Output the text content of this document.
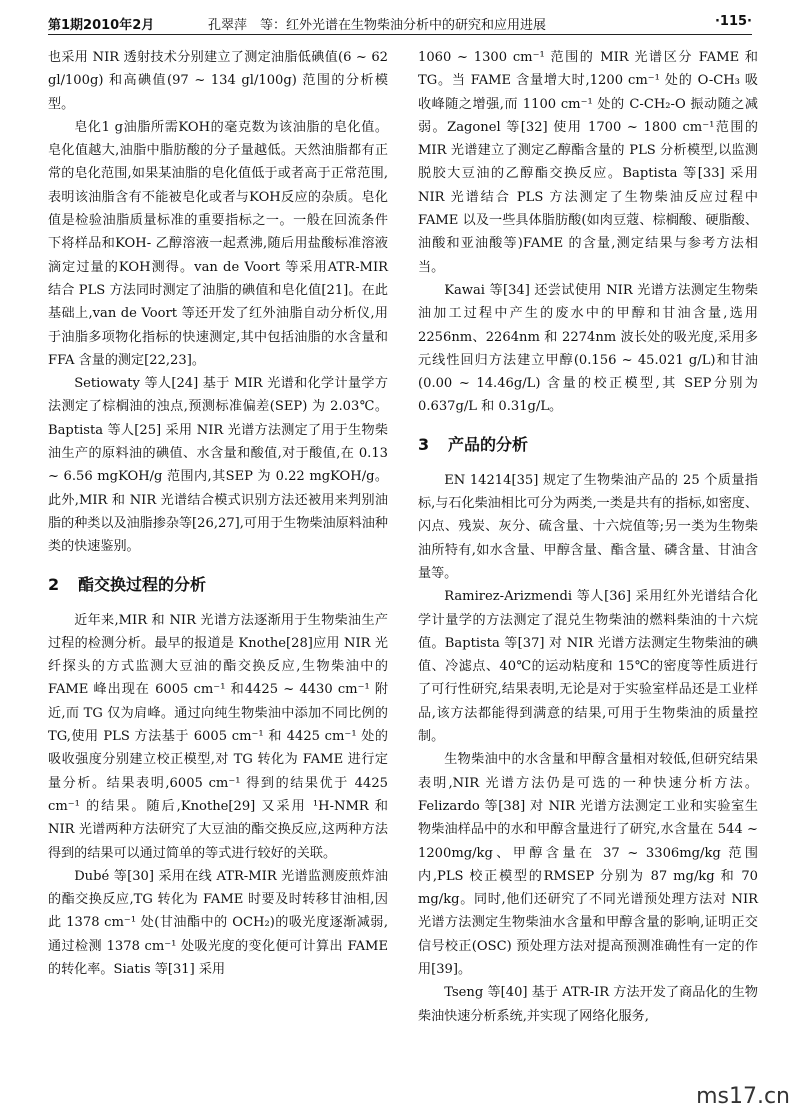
第1期2010年2月	孔翠萍　等：红外光谱在生物柴油分析中的研究和应用进展	·115·

也采用 NIR 透射技术分别建立了测定油脂低碘值(6 ~ 62 gl/100g) 和高碘值(97 ~ 134 gl/100g) 范围的分析模型。

皂化1 g油脂所需KOH的毫克数为该油脂的皂化值。皂化值越大,油脂中脂肪酸的分子量越低。天然油脂都有正常的皂化范围,如果某油脂的皂化值低于或者高于正常范围,表明该油脂含有不能被皂化或者与KOH反应的杂质。皂化值是检验油脂质量标准的重要指标之一。一般在回流条件下将样品和KOH- 乙醇溶液一起煮沸,随后用盐酸标准溶液滴定过量的KOH测得。van de Voort 等采用ATR-MIR 结合 PLS 方法同时测定了油脂的碘值和皂化值[21]。在此基础上,van de Voort 等还开发了红外油脂自动分析仪,用于油脂多项物化指标的快速测定,其中包括油脂的水含量和 FFA 含量的测定[22,23]。

Setiowaty 等人[24] 基于 MIR 光谱和化学计量学方法测定了棕榈油的浊点,预测标准偏差(SEP) 为 2.03℃。Baptista 等人[25] 采用 NIR 光谱方法测定了用于生物柴油生产的原料油的碘值、水含量和酸值,对于酸值,在 0.13 ~ 6.56 mgKOH/g 范围内,其SEP 为 0.22 mgKOH/g。此外,MIR 和 NIR 光谱结合模式识别方法还被用来判别油脂的种类以及油脂掺杂等[26,27],可用于生物柴油原料油种类的快速鉴别。

2 酯交换过程的分析

近年来,MIR 和 NIR 光谱方法逐渐用于生物柴油生产过程的检测分析。最早的报道是 Knothe[28]应用 NIR 光纤探头的方式监测大豆油的酯交换反应,生物柴油中的 FAME 峰出现在 6005 cm⁻¹ 和4425 ~ 4430 cm⁻¹ 附近,而 TG 仅为肩峰。通过向纯生物柴油中添加不同比例的 TG,使用 PLS 方法基于 6005 cm⁻¹ 和 4425 cm⁻¹ 处的吸收强度分别建立校正模型,对 TG 转化为 FAME 进行定量分析。结果表明,6005 cm⁻¹ 得到的结果优于 4425 cm⁻¹ 的结果。随后,Knothe[29] 又采用 ¹H-NMR 和 NIR 光谱两种方法研究了大豆油的酯交换反应,这两种方法得到的结果可以通过简单的等式进行较好的关联。

Dubé 等[30] 采用在线 ATR-MIR 光谱监测废煎炸油的酯交换反应,TG 转化为 FAME 时要及时转移甘油相,因此 1378 cm⁻¹ 处(甘油酯中的 OCH₂)的吸光度逐渐减弱,通过检测 1378 cm⁻¹ 处吸光度的变化便可计算出 FAME 的转化率。Siatis 等[31] 采用

1060 ~ 1300 cm⁻¹ 范围的 MIR 光谱区分 FAME 和TG。当 FAME 含量增大时,1200 cm⁻¹ 处的 O-CH₃ 吸收峰随之增强,而 1100 cm⁻¹ 处的 C-CH₂-O 振动随之减弱。Zagonel 等[32] 使用 1700 ~ 1800 cm⁻¹范围的 MIR 光谱建立了测定乙醇酯含量的 PLS 分析模型,以监测脱胶大豆油的乙醇酯交换反应。Baptista 等[33] 采用 NIR 光谱结合 PLS 方法测定了生物柴油反应过程中 FAME 以及一些具体脂肪酸(如肉豆蔻、棕榈酸、硬脂酸、油酸和亚油酸等)FAME 的含量,测定结果与参考方法相当。

Kawai 等[34] 还尝试使用 NIR 光谱方法测定生物柴油加工过程中产生的废水中的甲醇和甘油含量,选用 2256nm、2264nm 和 2274nm 波长处的吸光度,采用多元线性回归方法建立甲醇(0.156 ~ 45.021 g/L)和甘油(0.00 ~ 14.46g/L) 含量的校正模型,其 SEP分别为 0.637g/L 和 0.31g/L。

3 产品的分析

EN 14214[35] 规定了生物柴油产品的 25 个质量指标,与石化柴油相比可分为两类,一类是共有的指标,如密度、闪点、残炭、灰分、硫含量、十六烷值等;另一类为生物柴油所特有,如水含量、甲醇含量、酯含量、磷含量、甘油含量等。

Ramirez-Arizmendi 等人[36] 采用红外光谱结合化学计量学的方法测定了混兑生物柴油的燃料柴油的十六烷值。Baptista 等[37] 对 NIR 光谱方法测定生物柴油的碘值、冷滤点、40℃的运动粘度和 15℃的密度等性质进行了可行性研究,结果表明,无论是对于实验室样品还是工业样品,该方法都能得到满意的结果,可用于生物柴油的质量控制。

生物柴油中的水含量和甲醇含量相对较低,但研究结果表明,NIR 光谱方法仍是可选的一种快速分析方法。Felizardo 等[38] 对 NIR 光谱方法测定工业和实验室生物柴油样品中的水和甲醇含量进行了研究,水含量在 544 ~ 1200mg/kg、甲醇含量在 37 ~ 3306mg/kg 范围内,PLS 校正模型的RMSEP 分别为 87 mg/kg 和 70 mg/kg。同时,他们还研究了不同光谱预处理方法对 NIR 光谱方法测定生物柴油水含量和甲醇含量的影响,证明正交信号校正(OSC) 预处理方法对提高预测准确性有一定的作用[39]。

Tseng 等[40] 基于 ATR-IR 方法开发了商品化的生物柴油快速分析系统,并实现了网络化服务,

ms17.cn
